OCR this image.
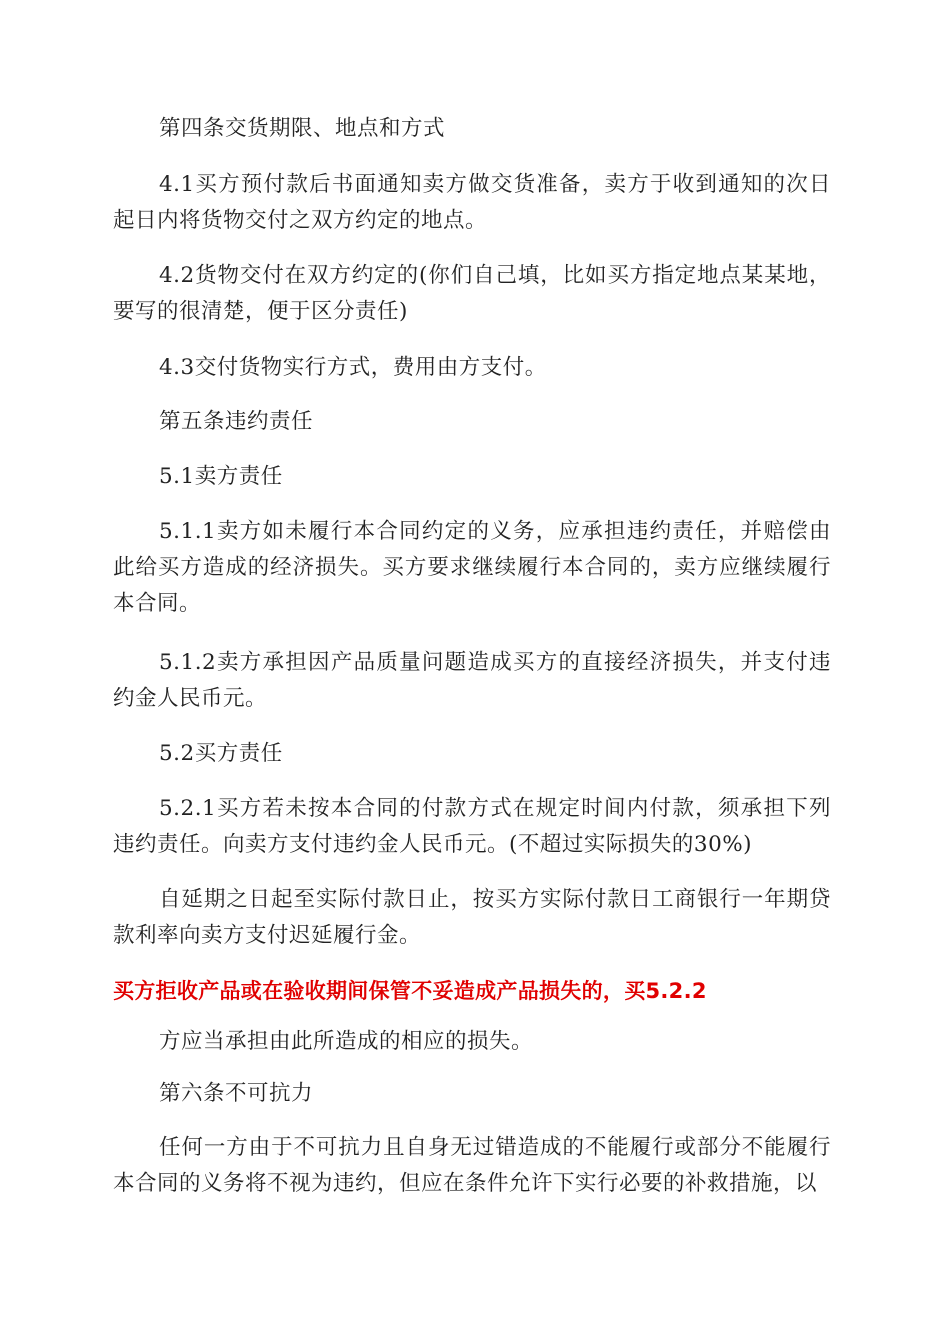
第四条交货期限、地点和方式

4.1买方预付款后书面通知卖方做交货准备，卖方于收到通知的次日起日内将货物交付之双方约定的地点。

4.2货物交付在双方约定的(你们自己填，比如买方指定地点某某地，要写的很清楚，便于区分责任)

4.3交付货物实行方式，费用由方支付。

第五条违约责任

5.1卖方责任

5.1.1卖方如未履行本合同约定的义务，应承担违约责任，并赔偿由此给买方造成的经济损失。买方要求继续履行本合同的，卖方应继续履行本合同。

5.1.2卖方承担因产品质量问题造成买方的直接经济损失，并支付违约金人民币元。

5.2买方责任

5.2.1买方若未按本合同的付款方式在规定时间内付款，须承担下列违约责任。向卖方支付违约金人民币元。(不超过实际损失的30%)

自延期之日起至实际付款日止，按买方实际付款日工商银行一年期贷款利率向卖方支付迟延履行金。

买方拒收产品或在验收期间保管不妥造成产品损失的，买5.2.2

方应当承担由此所造成的相应的损失。

第六条不可抗力

任何一方由于不可抗力且自身无过错造成的不能履行或部分不能履行本合同的义务将不视为违约，但应在条件允许下实行必要的补救措施，以
